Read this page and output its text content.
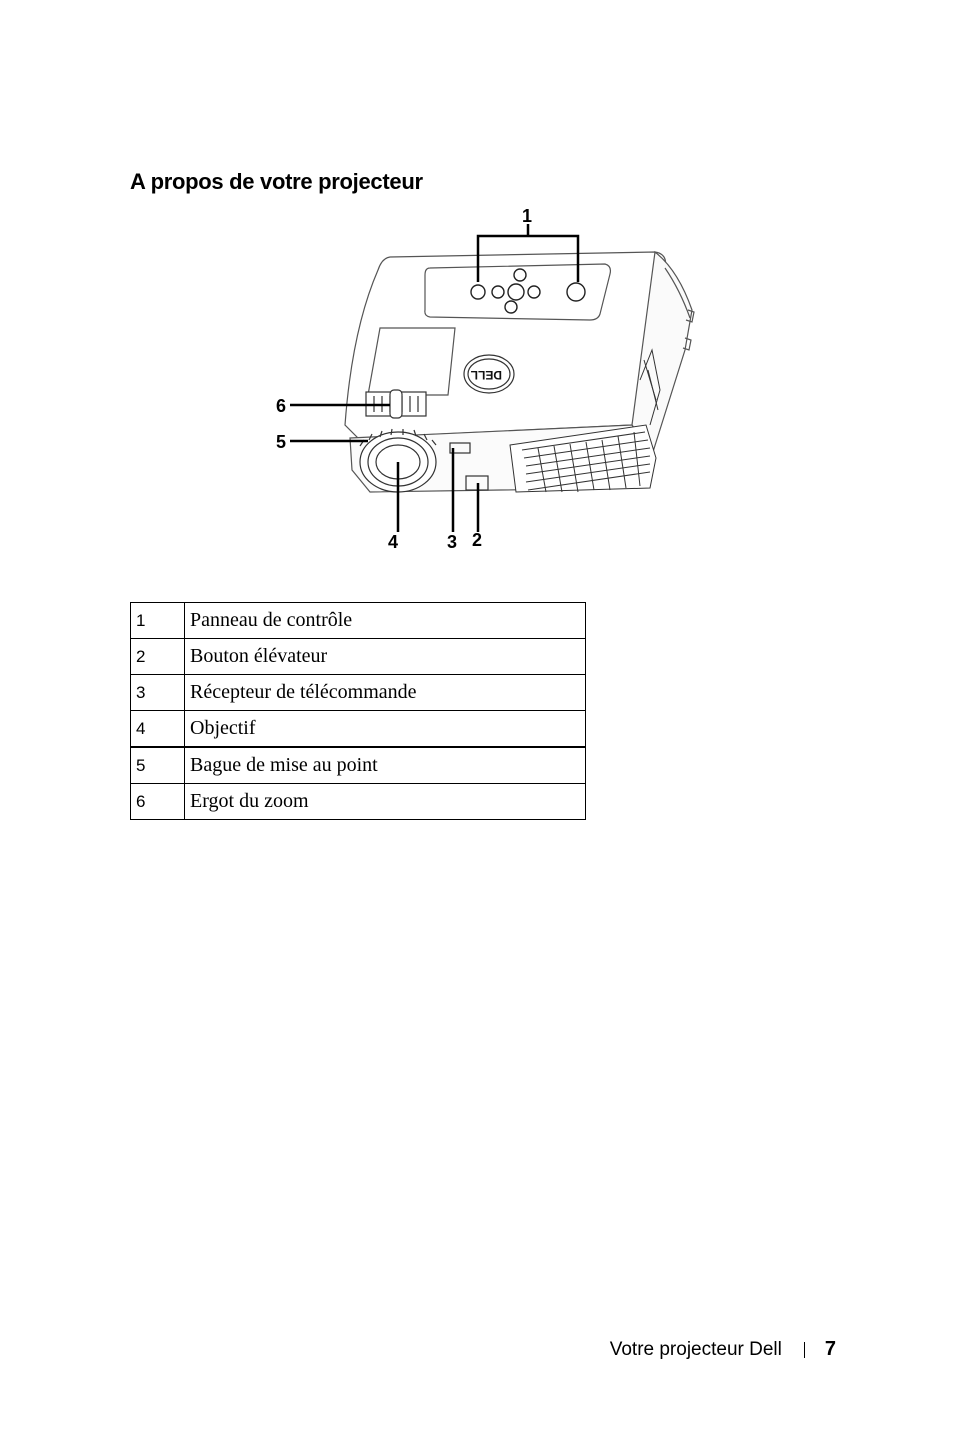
A propos de votre projecteur
1
2
3
4
5
6
DELL
1	Panneau de contrôle
2	Bouton élévateur
3	Récepteur de télécommande
4	Objectif
5	Bague de mise au point
6	Ergot du zoom
Votre projecteur Dell 7
